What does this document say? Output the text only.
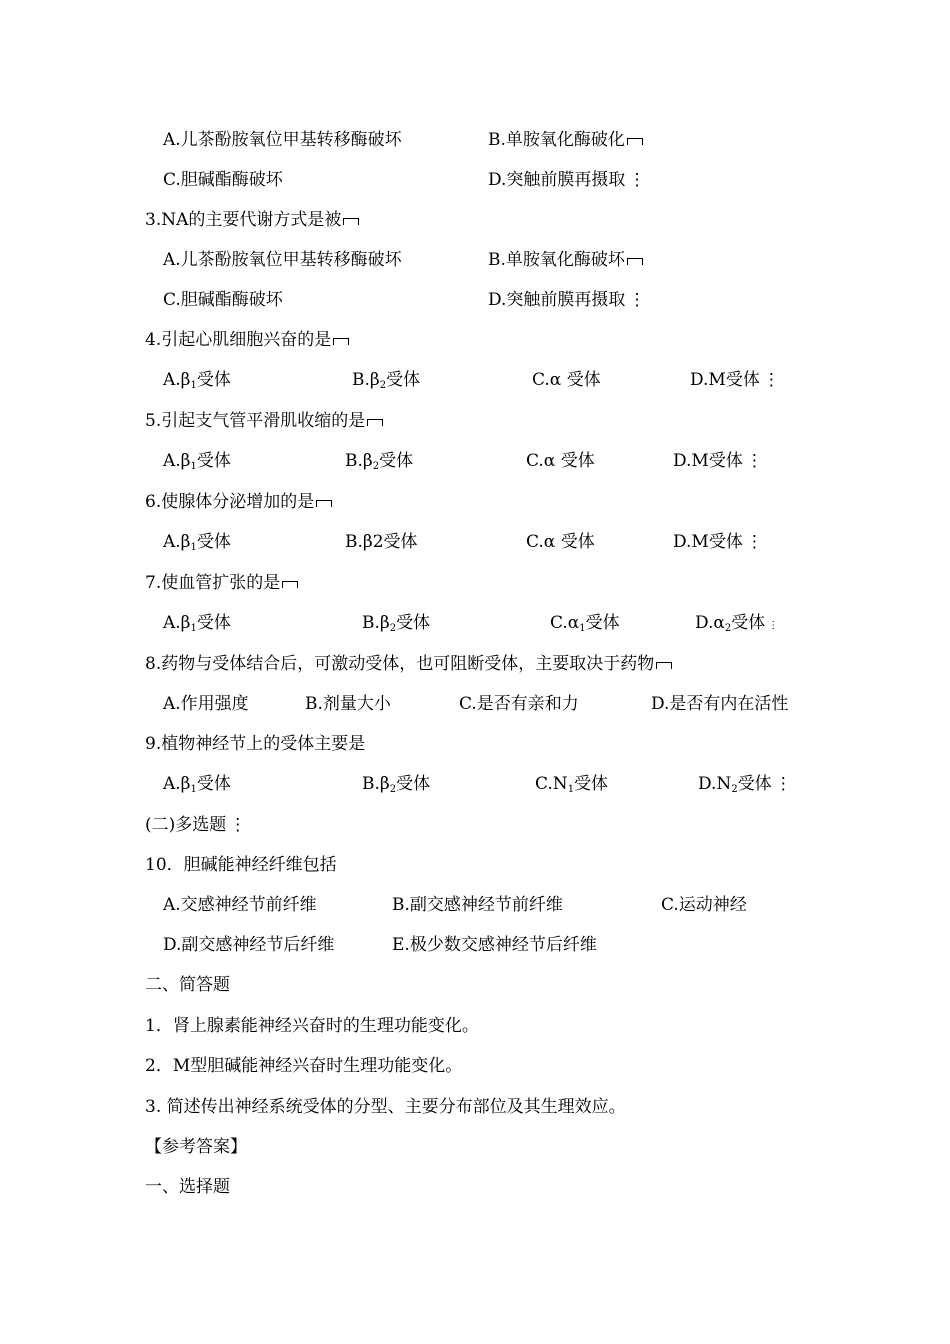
A.儿茶酚胺氧位甲基转移酶破坏	B.单胺氧化酶破化
C.胆碱酯酶破坏	D.突触前膜再摄取 ⋮
3.NA的主要代谢方式是被
A.儿茶酚胺氧位甲基转移酶破坏	B.单胺氧化酶破坏
C.胆碱酯酶破坏	D.突触前膜再摄取 ⋮
4.引起心肌细胞兴奋的是
$A.\beta_1$受体	$B.\beta_2$受体	C.α 受体	D.M受体 ⋮
5.引起支气管平滑肌收缩的是
$A.\beta_1$受体	$B.\beta_2$受体	C.α 受体	D.M受体 ⋮
6.使腺体分泌增加的是
$A.\beta_1$受体	B.β2受体	C.α 受体	D.M受体 ⋮
7.使血管扩张的是
$A.\beta_1$受体	$B.\beta_2$受体	$C.\alpha_1$受体	$D.\alpha_2$受体 ⋮
8.药物与受体结合后，可激动受体，也可阻断受体，主要取决于药物
A.作用强度	B.剂量大小	C.是否有亲和力	D.是否有内在活性
9.植物神经节上的受体主要是
$A.\beta_1$受体	$B.\beta_2$受体	$C.N_1$受体	$D.N_2$受体 ⋮
(二)多选题 ⋮
10．胆碱能神经纤维包括
A.交感神经节前纤维	B.副交感神经节前纤维	C.运动神经
D.副交感神经节后纤维	E.极少数交感神经节后纤维
二、简答题
1．肾上腺素能神经兴奋时的生理功能变化。
2．M型胆碱能神经兴奋时生理功能变化。
3. 简述传出神经系统受体的分型、主要分布部位及其生理效应。
【参考答案】
一、选择题
